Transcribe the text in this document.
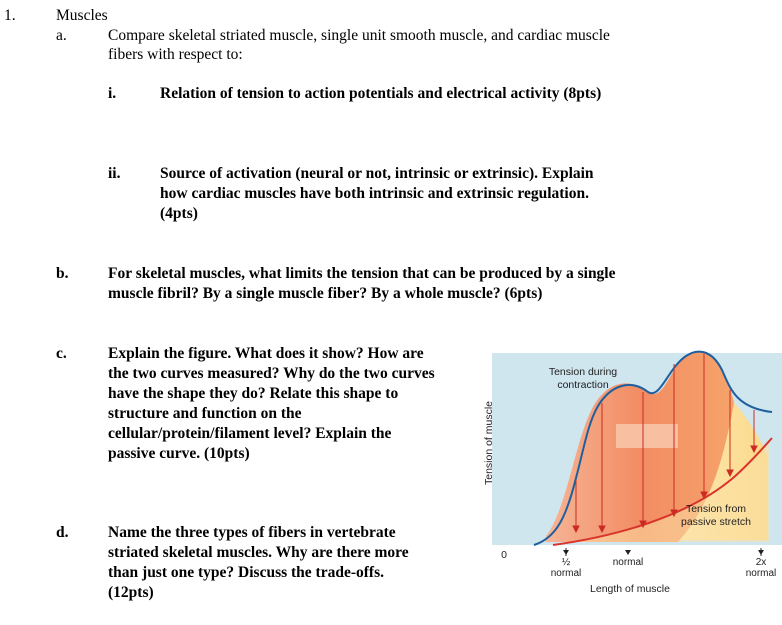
1.	Muscles
a.	Compare skeletal striated muscle, single unit smooth muscle, and cardiac muscle
fibers with respect to:
i.	Relation of tension to action potentials and electrical activity (8pts)
ii.	Source of activation (neural or not, intrinsic or extrinsic). Explain
how cardiac muscles have both intrinsic and extrinsic regulation.
(4pts)
b.	For skeletal muscles, what limits the tension that can be produced by a single
muscle fibril? By a single muscle fiber? By a whole muscle? (6pts)
c.	Explain the figure. What does it show? How are
the two curves measured? Why do the two curves
have the shape they do? Relate this shape to
structure and function on the
cellular/protein/filament level? Explain the
passive curve. (10pts)
d.	Name the three types of fibers in vertebrate
striated skeletal muscles. Why are there more
than just one type? Discuss the trade-offs.
(12pts)
Tension of muscle
Tension during
contraction
Tension from
passive stretch
0
½
normal
normal	2x
normal
Length of muscle
